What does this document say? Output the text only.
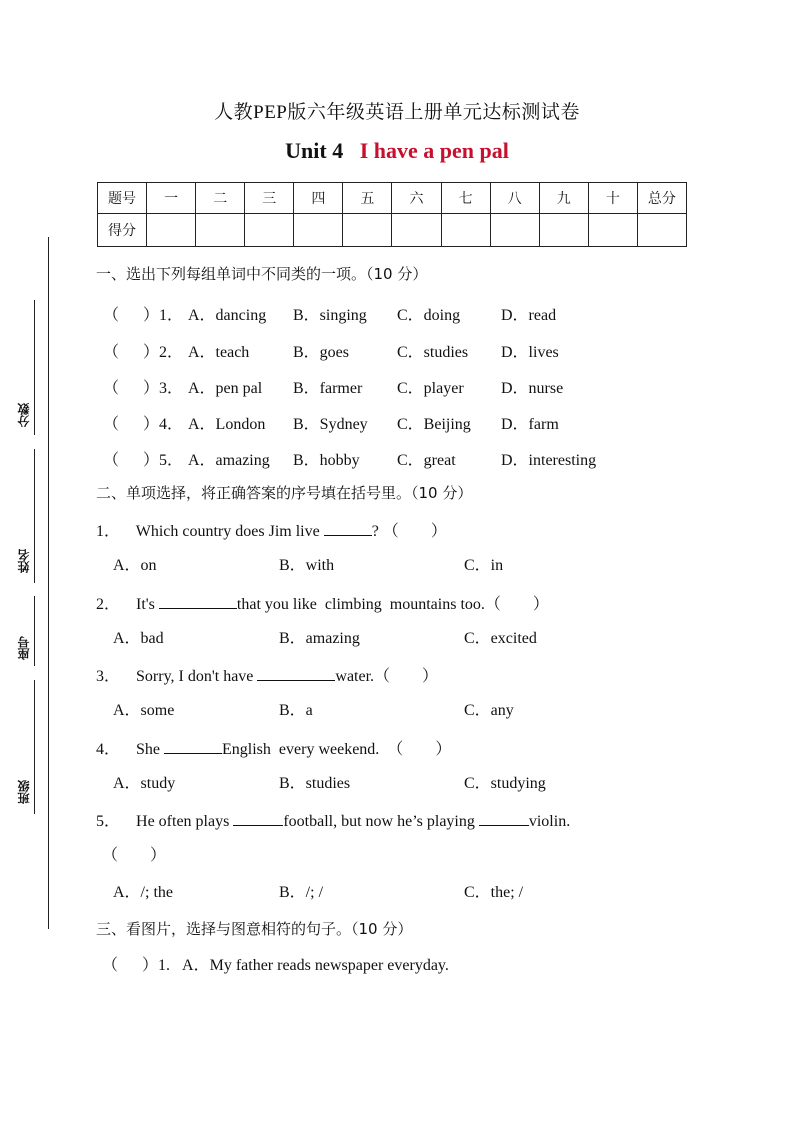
人教PEP版六年级英语上册单元达标测试卷
Unit 4 I have a pen pal
题号	一	二	三	四	五	六	七	八	九	十	总分
得分											
分数
姓名
座号
班级
一、选出下列每组单词中不同类的一项。（10 分）
（ ）1． A．dancing B．singing C．doing	D．read
（ ）2． A．teach	B．goes	C．studies D．lives
（ ）3． A．pen pal B．farmer C．player D．nurse
（ ）4． A．London B．Sydney C．Beijing D．farm
（ ）5． A．amazing B．hobby C．great	D．interesting
二、单项选择，将正确答案的序号填在括号里。（10 分）
1． Which country does Jim live	? （ ）
A．on	B．with	C．in
2． It's	that you like  climbing  mountains too.（ ）
A．bad	B．amazing	C．excited
3． Sorry, I don't have	water.（ ）
A．some	B．a	C．any
4． She	English  every weekend.  （ ）
A．study	B．studies	C．studying
5． He often plays	football, but now he’s playing	violin.
（ ）
A．/; the	B．/; /	C．the; /
三、看图片，选择与图意相符的句子。（10 分）
（ ）1. A．My father reads newspaper everyday.
